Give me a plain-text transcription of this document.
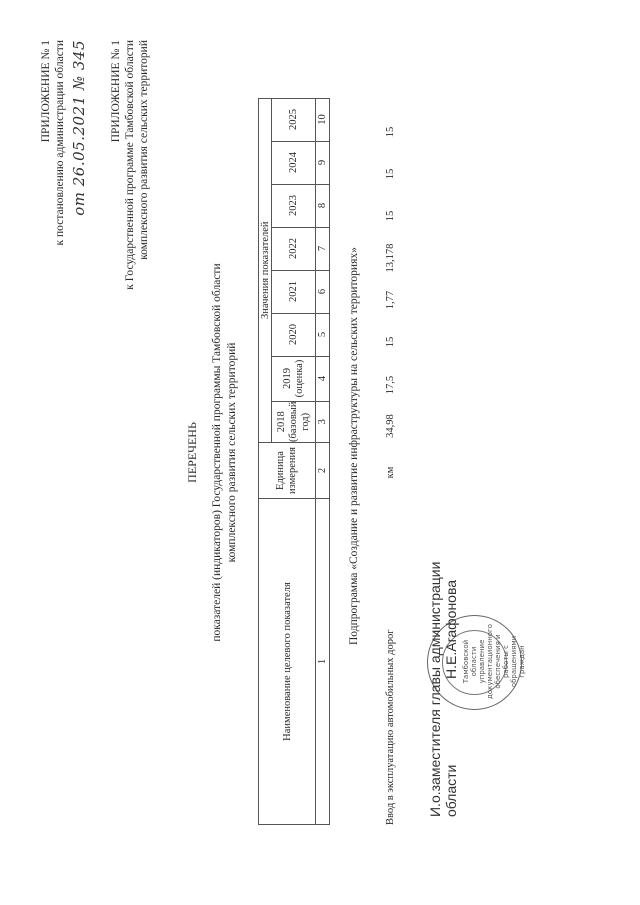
ПРИЛОЖЕНИЕ № 1 к постановлению администрации области от 26.05.2021 № 345 ПРИЛОЖЕНИЕ № 1 к Государственной программе Тамбовской области комплексного развития сельских территорий
ПЕРЕЧЕНЬ показателей (индикаторов) Государственной программы Тамбовской области комплексного развития сельских территорий
Наименование целевого показателя	Единица измерения	Значения показателей							
		2018 (базовый год)	2019 (оценка)	2020	2021	2022	2023	2024	2025
1	2	3	4	5	6	7	8	9	10
Подпрограмма «Создание и развитие инфраструктуры на сельских территориях»
Ввод в эксплуатацию автомобильных дорог	км	34,98	17,5	15	1,77	13,178	15	15	15
Тамбовской области управление документационного обеспечения и работы с обращениями граждан
И.о.заместителя главы администрации области
Н.Е.Агафонова
